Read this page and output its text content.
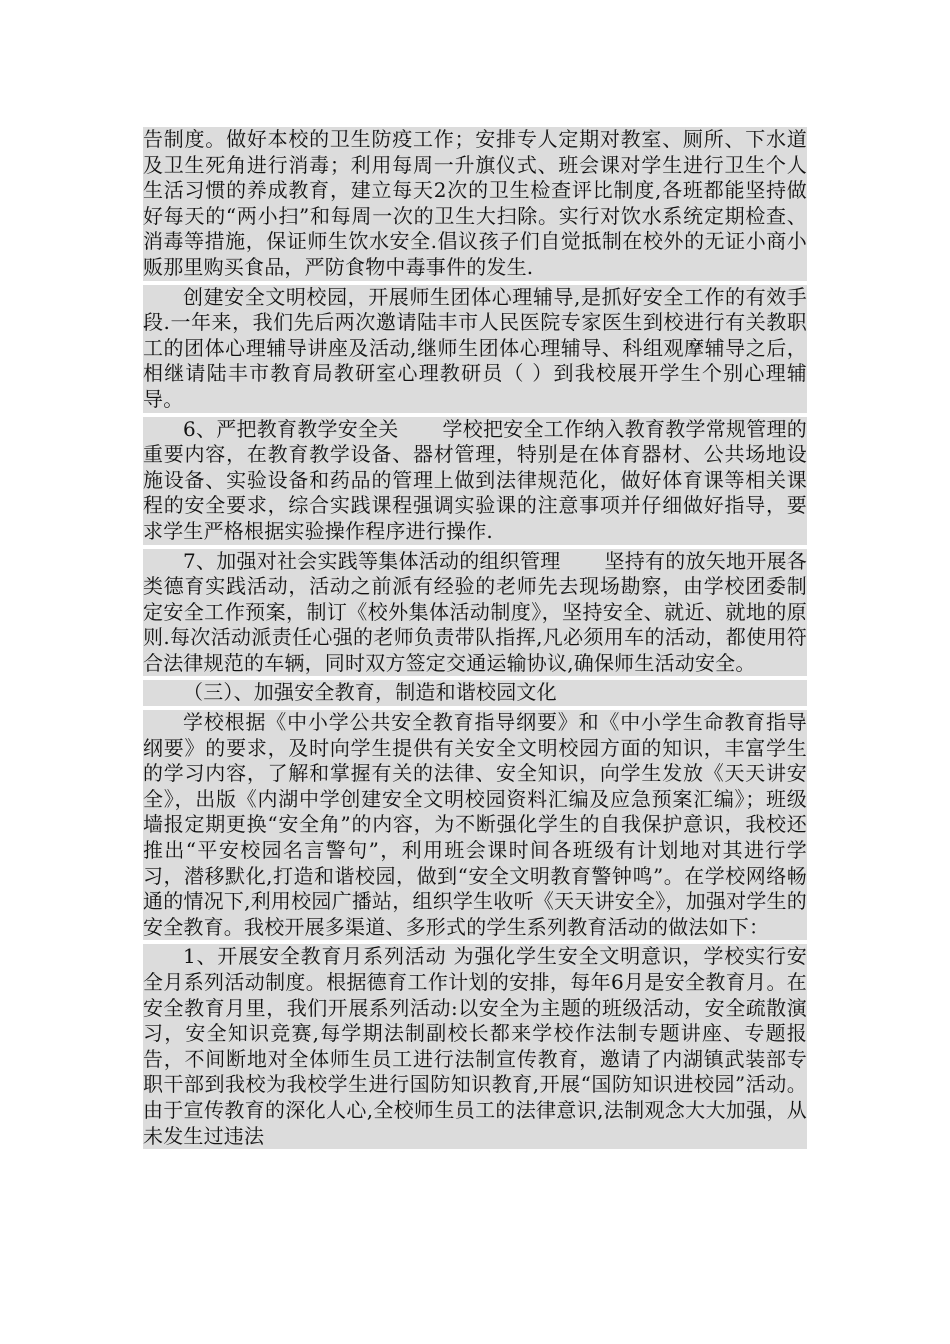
告制度。做好本校的卫生防疫工作；安排专人定期对教室、厕所、下水道及卫生死角进行消毒；利用每周一升旗仪式、班会课对学生进行卫生个人生活习惯的养成教育，建立每天2次的卫生检查评比制度,各班都能坚持做好每天的“两小扫”和每周一次的卫生大扫除。实行对饮水系统定期检查、消毒等措施，保证师生饮水安全.倡议孩子们自觉抵制在校外的无证小商小贩那里购买食品，严防食物中毒事件的发生.

创建安全文明校园，开展师生团体心理辅导,是抓好安全工作的有效手段.一年来，我们先后两次邀请陆丰市人民医院专家医生到校进行有关教职工的团体心理辅导讲座及活动,继师生团体心理辅导、科组观摩辅导之后，相继请陆丰市教育局教研室心理教研员（ ）到我校展开学生个别心理辅导。

6、严把教育教学安全关 学校把安全工作纳入教育教学常规管理的重要内容，在教育教学设备、器材管理，特别是在体育器材、公共场地设施设备、实验设备和药品的管理上做到法律规范化，做好体育课等相关课程的安全要求，综合实践课程强调实验课的注意事项并仔细做好指导，要求学生严格根据实验操作程序进行操作.

7、加强对社会实践等集体活动的组织管理 坚持有的放矢地开展各类德育实践活动，活动之前派有经验的老师先去现场勘察，由学校团委制定安全工作预案，制订《校外集体活动制度》，坚持安全、就近、就地的原则.每次活动派责任心强的老师负责带队指挥,凡必须用车的活动，都使用符合法律规范的车辆，同时双方签定交通运输协议,确保师生活动安全。

（三）、加强安全教育，制造和谐校园文化

学校根据《中小学公共安全教育指导纲要》和《中小学生命教育指导纲要》的要求，及时向学生提供有关安全文明校园方面的知识，丰富学生的学习内容，了解和掌握有关的法律、安全知识，向学生发放《天天讲安全》，出版《内湖中学创建安全文明校园资料汇编及应急预案汇编》；班级墙报定期更换“安全角”的内容，为不断强化学生的自我保护意识，我校还推出“平安校园名言警句”，利用班会课时间各班级有计划地对其进行学习，潜移默化,打造和谐校园，做到“安全文明教育警钟鸣”。在学校网络畅通的情况下,利用校园广播站，组织学生收听《天天讲安全》，加强对学生的安全教育。我校开展多渠道、多形式的学生系列教育活动的做法如下：

1、开展安全教育月系列活动 为强化学生安全文明意识，学校实行安全月系列活动制度。根据德育工作计划的安排，每年6月是安全教育月。在安全教育月里，我们开展系列活动:以安全为主题的班级活动，安全疏散演习，安全知识竞赛,每学期法制副校长都来学校作法制专题讲座、专题报告，不间断地对全体师生员工进行法制宣传教育，邀请了内湖镇武装部专职干部到我校为我校学生进行国防知识教育,开展“国防知识进校园”活动。由于宣传教育的深化人心,全校师生员工的法律意识,法制观念大大加强，从未发生过违法
